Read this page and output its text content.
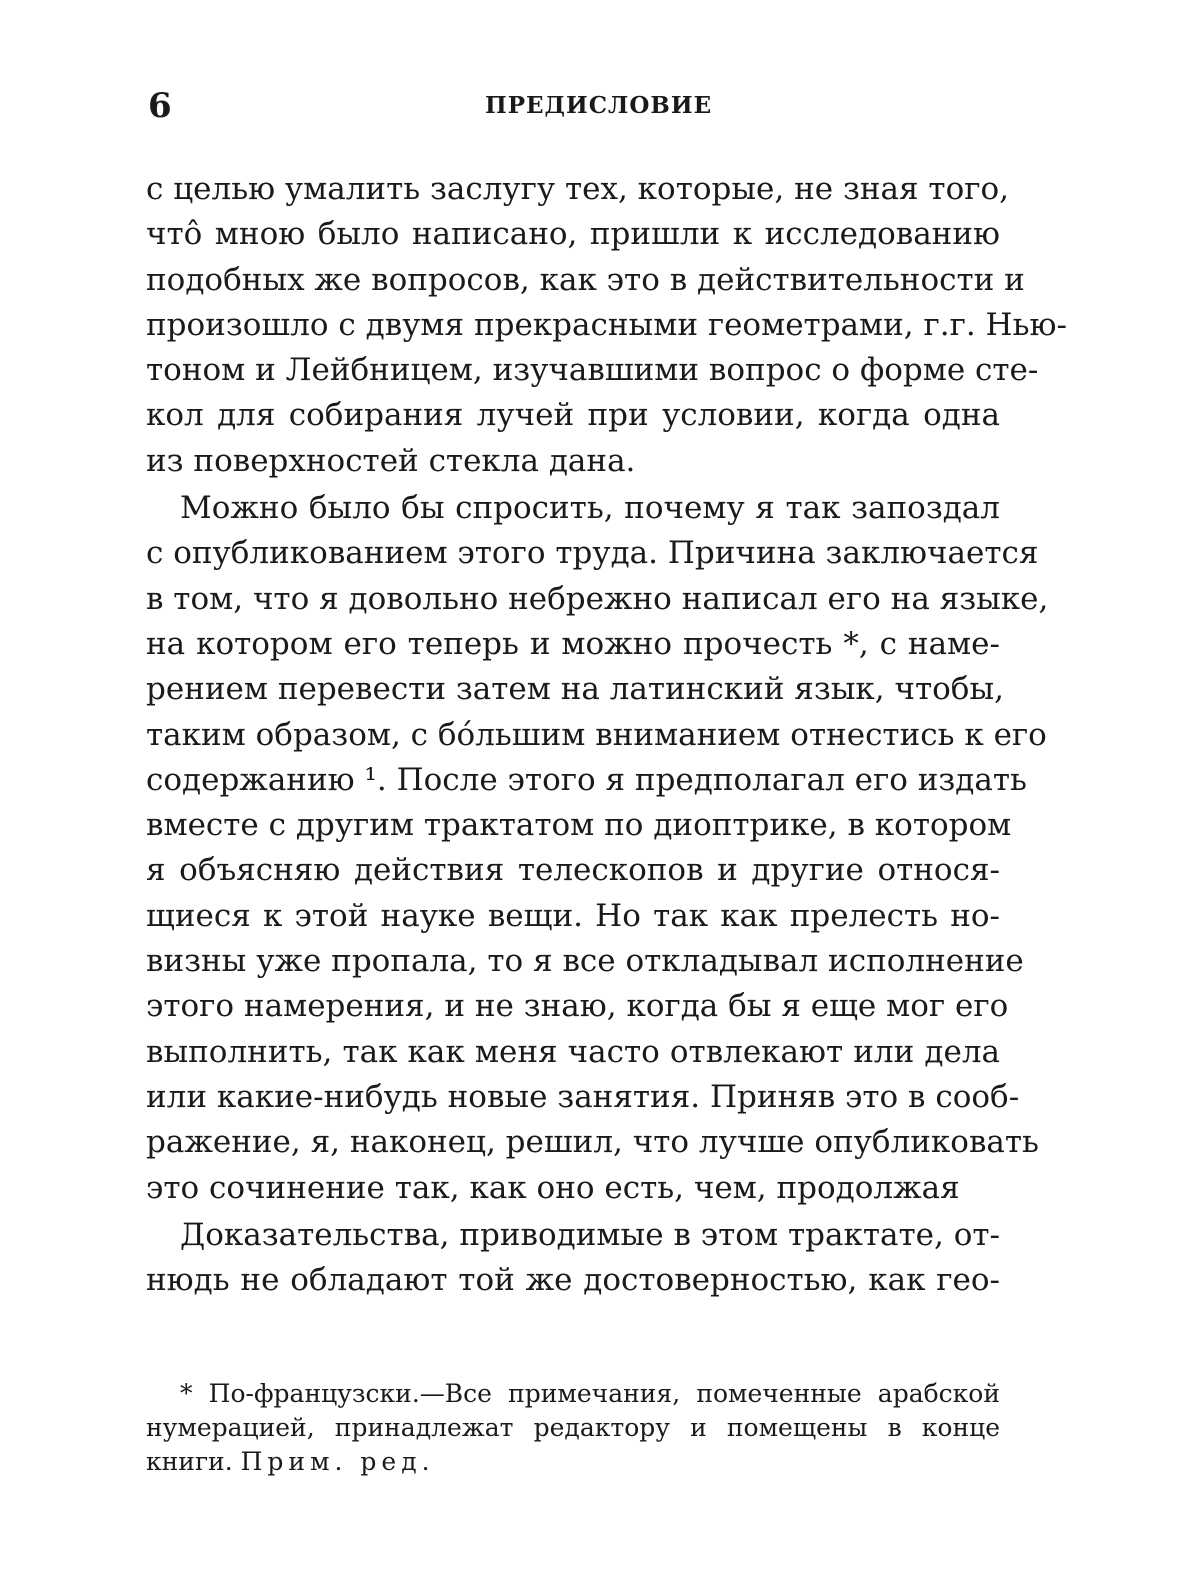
6	ПРЕДИСЛОВИЕ
с целью умалить заслугу тех, которые, не зная того,
что̂ мною было написано, пришли к исследованию
подобных же вопросов, как это в действительности и
произошло с двумя прекрасными геометрами, г.г. Нью-
тоном и Лейбницем, изучавшими вопрос о форме сте-
кол для собирания лучей при условии, когда одна
из поверхностей стекла дана.
Можно было бы спросить, почему я так запоздал
с опубликованием этого труда. Причина заключается
в том, что я довольно небрежно написал его на языке,
на котором его теперь и можно прочесть *, с наме-
рением перевести затем на латинский язык, чтобы,
таким образом, с бо́льшим вниманием отнестись к его
содержанию ¹. После этого я предполагал его издать
вместе с другим трактатом по диоптрике, в котором
я объясняю действия телескопов и другие относя-
щиеся к этой науке вещи. Но так как прелесть но-
визны уже пропала, то я все откладывал исполнение
этого намерения, и не знаю, когда бы я еще мог его
выполнить, так как меня часто отвлекают или дела
или какие-нибудь новые занятия. Приняв это в сооб-
ражение, я, наконец, решил, что лучше опубликовать
это сочинение так, как оно есть, чем, продолжая
Доказательства, приводимые в этом трактате, от-
нюдь не обладают той же достоверностью, как гео-
* По-французски.—Все примечания, помеченные арабской
нумерацией, принадлежат редактору и помещены в конце
книги. Прим. ред.
